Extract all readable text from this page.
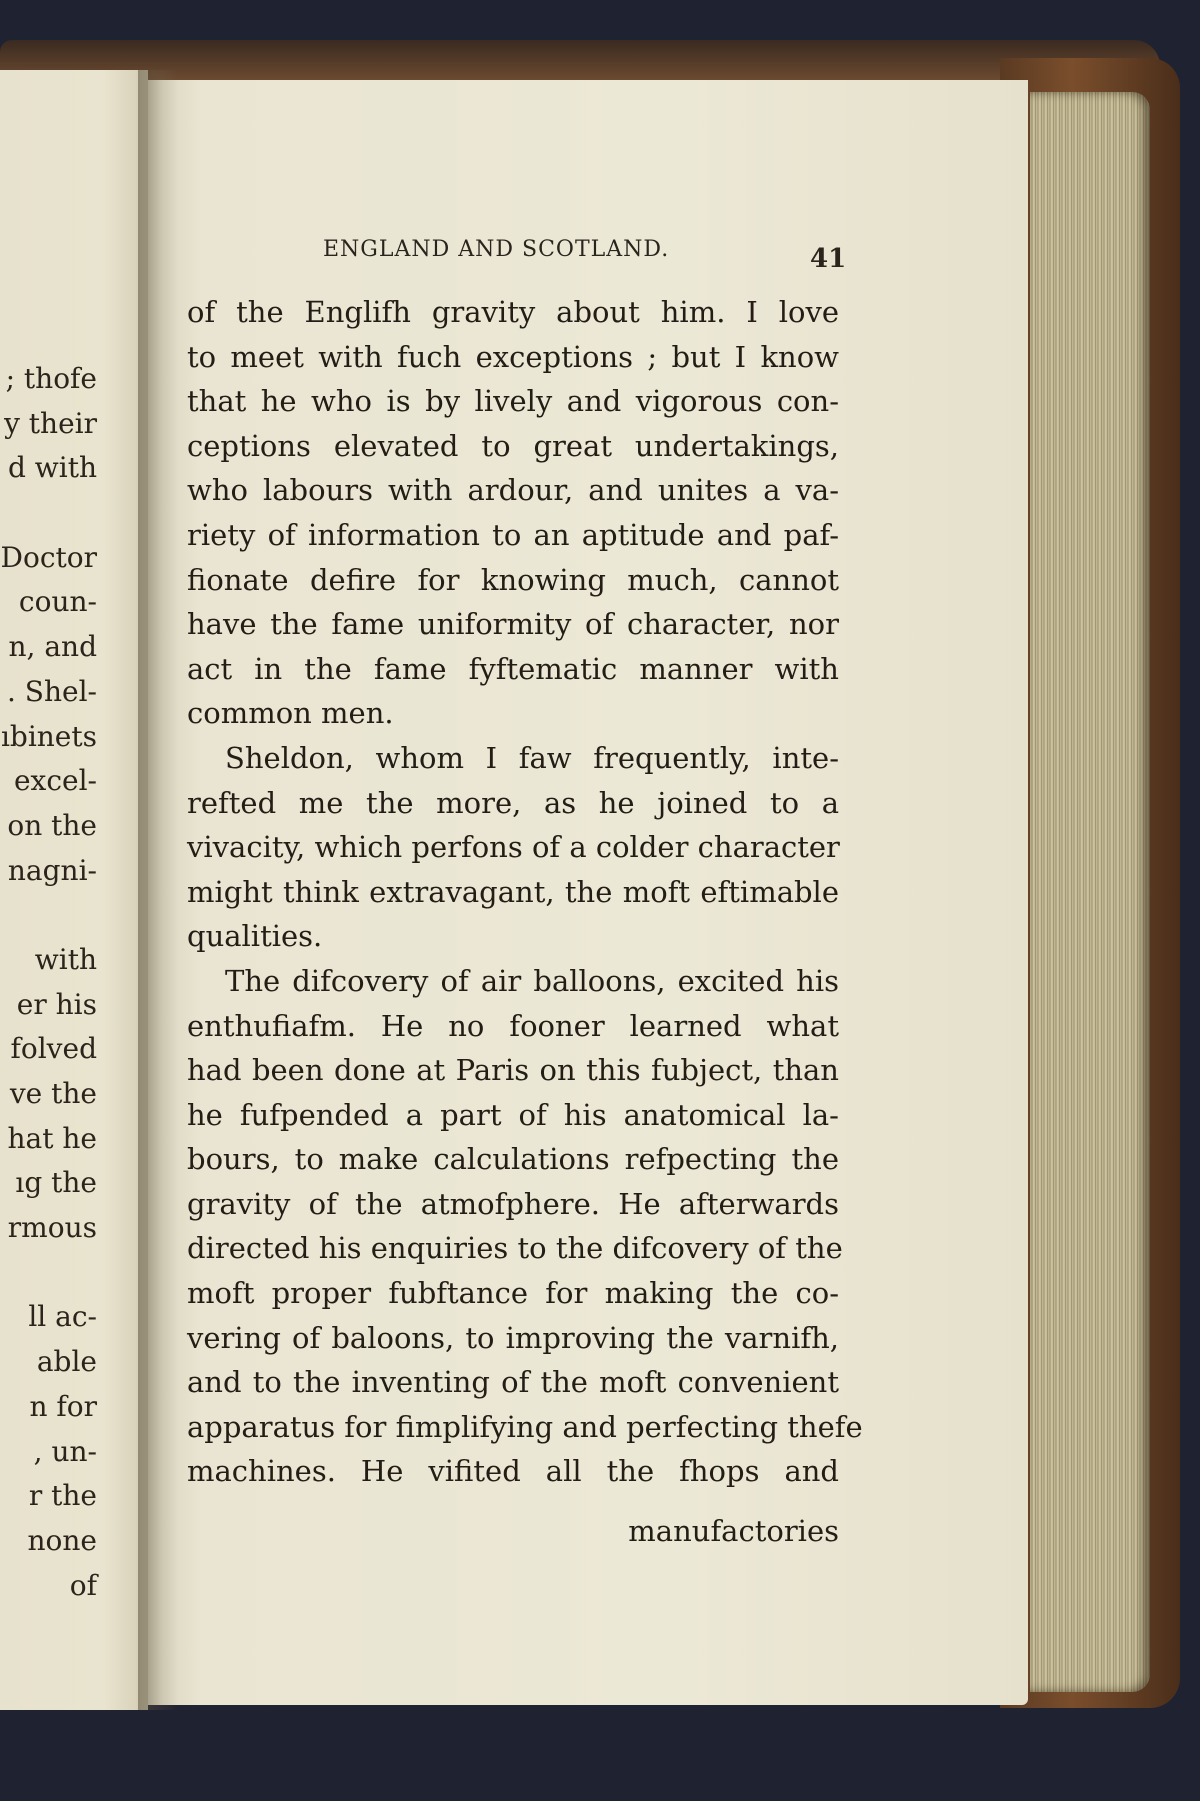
; thofe
y their
d with
Doctor
coun-
n, and
. Shel-
ıbinets
excel-
on the
nagni-
with
er his
folved
ve the
hat he
ıg the
rmous
ll ac-
able
n for
, un-
r the
none
of
ENGLAND AND SCOTLAND.	41
of the Englifh gravity about him. I love
to meet with fuch exceptions ; but I know
that he who is by lively and vigorous con-
ceptions elevated to great undertakings,
who labours with ardour, and unites a va-
riety of information to an aptitude and paf-
fionate defire for knowing much, cannot
have the fame uniformity of character, nor
act in the fame fyftematic manner with
common men.
Sheldon, whom I faw frequently, inte-
refted me the more, as he joined to a
vivacity, which perfons of a colder character
might think extravagant, the moft eftimable
qualities.
The difcovery of air balloons, excited his
enthufiafm. He no fooner learned what
had been done at Paris on this fubject, than
he fufpended a part of his anatomical la-
bours, to make calculations refpecting the
gravity of the atmofphere. He afterwards
directed his enquiries to the difcovery of the
moft proper fubftance for making the co-
vering of baloons, to improving the varnifh,
and to the inventing of the moft convenient
apparatus for fimplifying and perfecting thefe
machines. He vifited all the fhops and
manufactories
